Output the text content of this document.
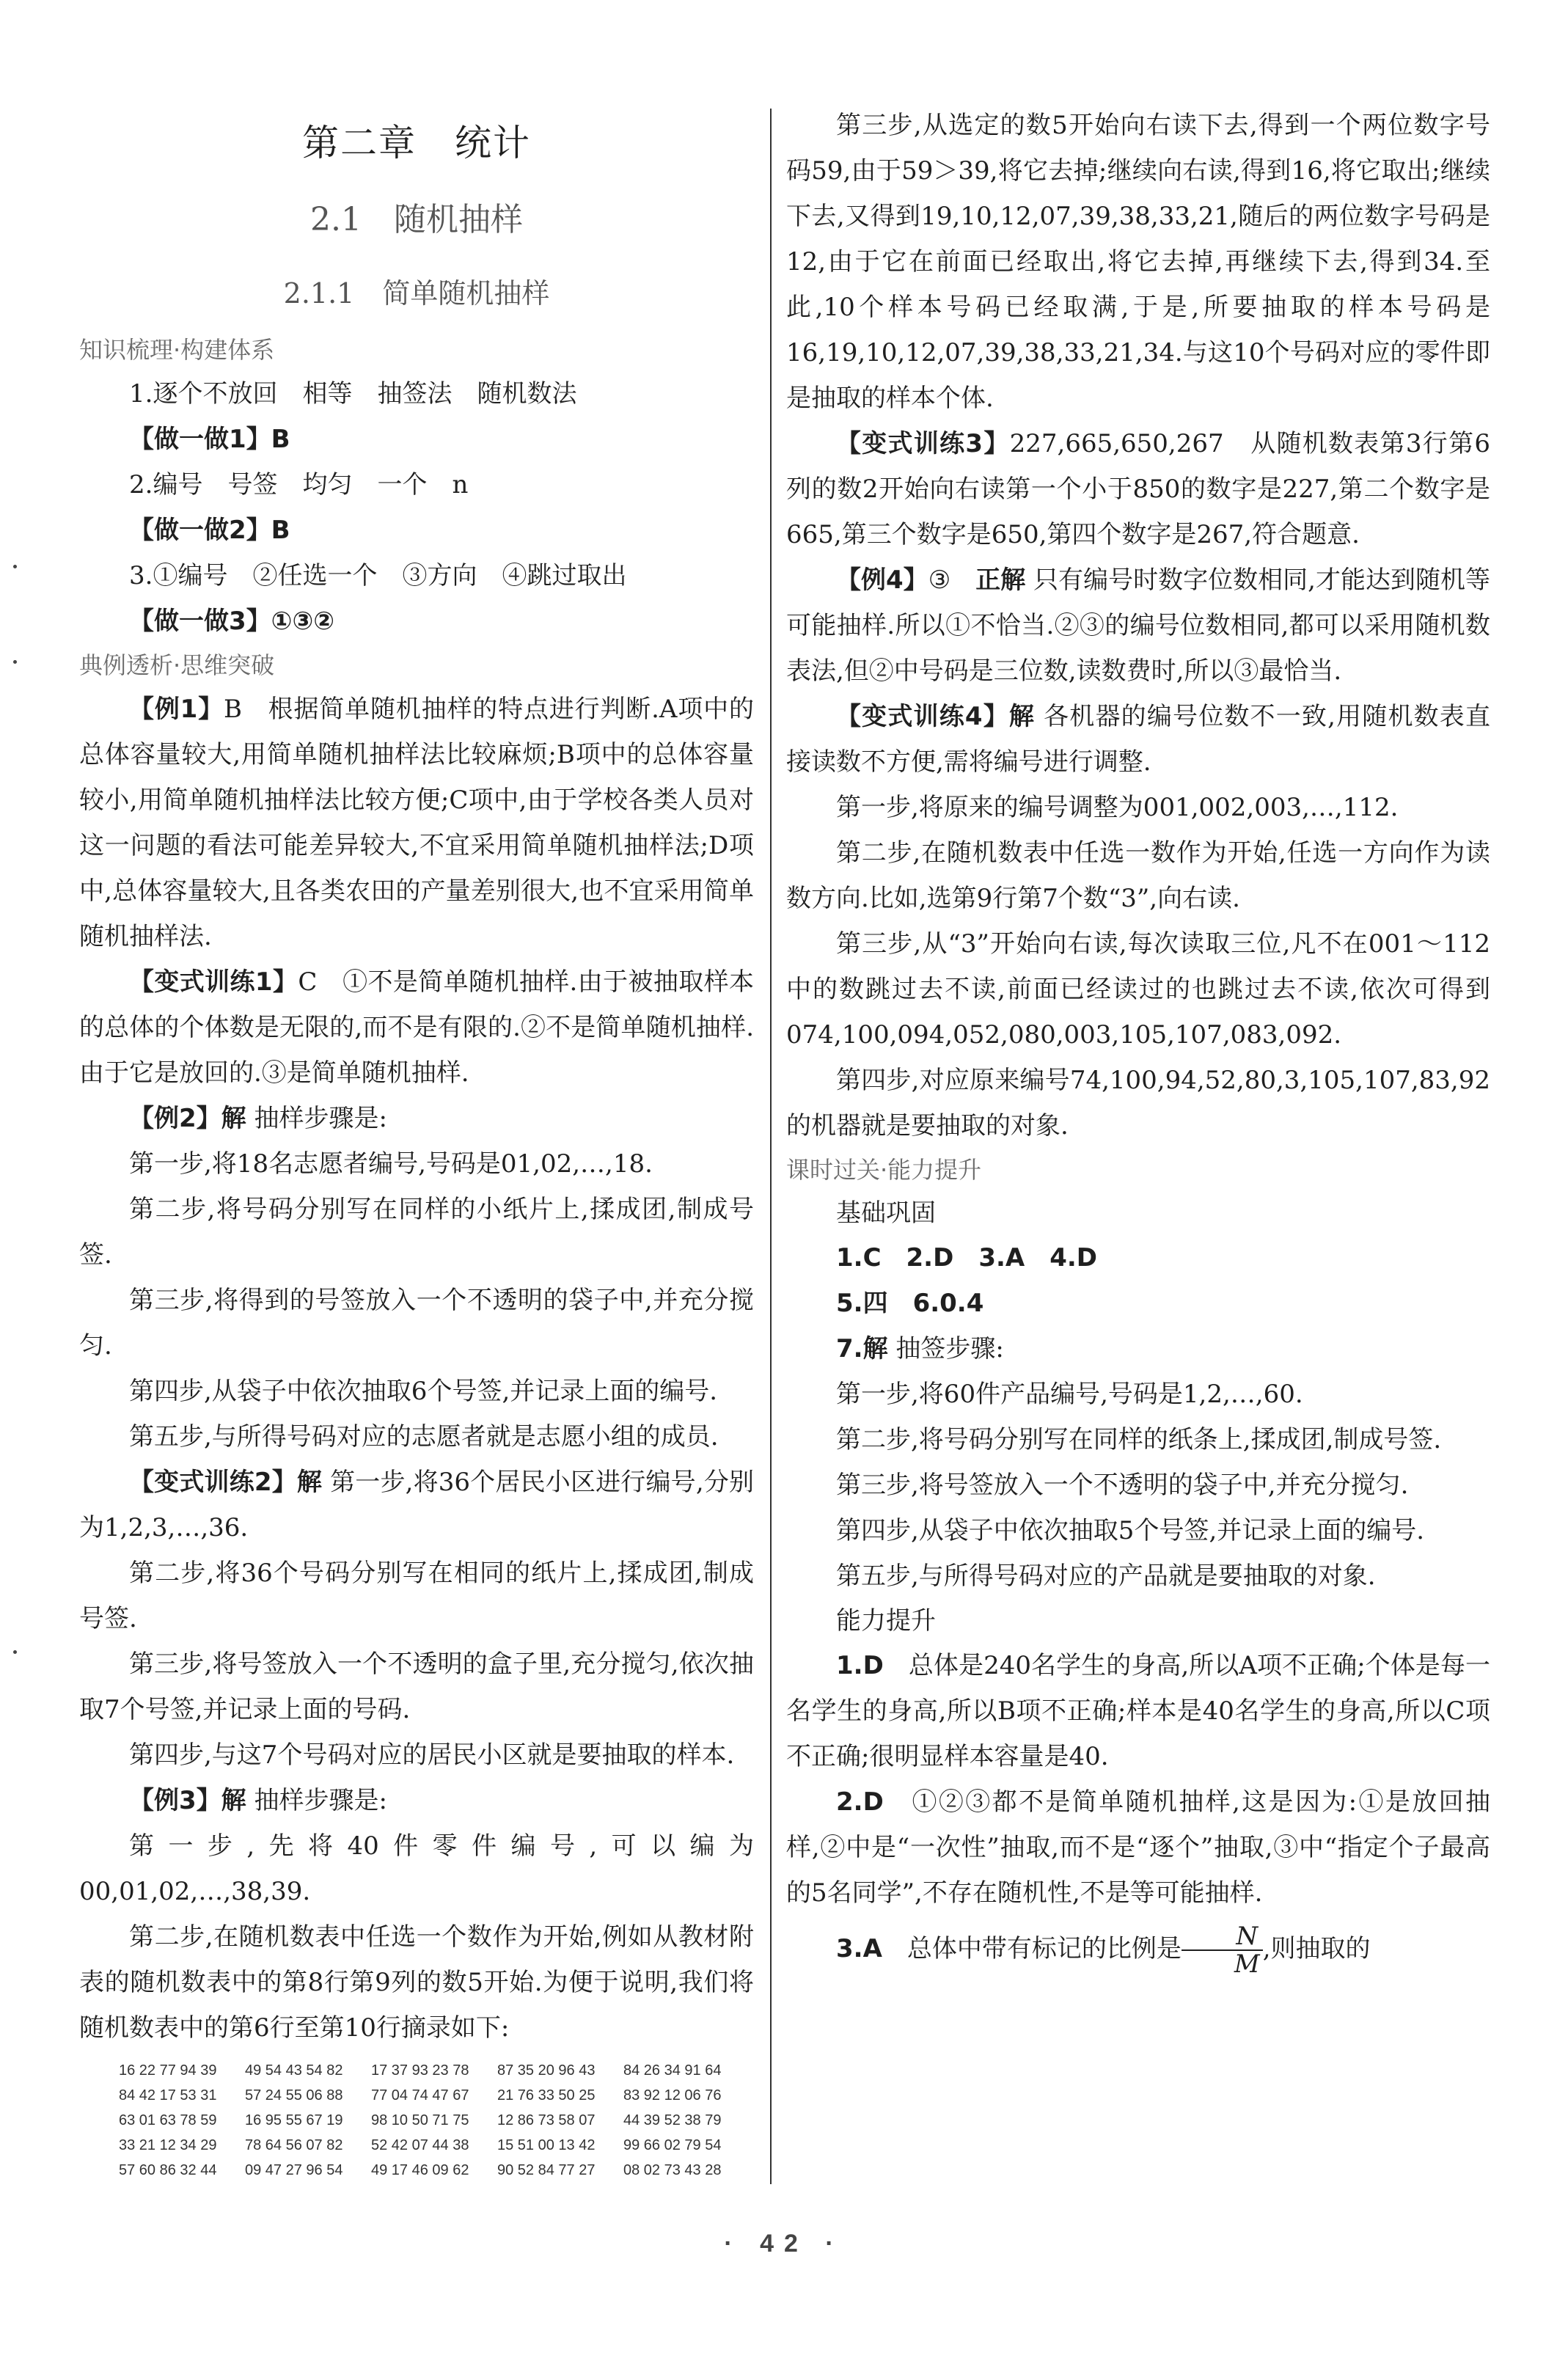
第二章　统计
2.1　随机抽样
2.1.1　简单随机抽样

知识梳理·构建体系

1.逐个不放回　相等　抽签法　随机数法

【做一做1】B

2.编号　号签　均匀　一个　n

【做一做2】B

3.①编号　②任选一个　③方向　④跳过取出

【做一做3】①③②

典例透析·思维突破

【例1】B　根据简单随机抽样的特点进行判断.A项中的总体容量较大,用简单随机抽样法比较麻烦;B项中的总体容量较小,用简单随机抽样法比较方便;C项中,由于学校各类人员对这一问题的看法可能差异较大,不宜采用简单随机抽样法;D项中,总体容量较大,且各类农田的产量差别很大,也不宜采用简单随机抽样法.

【变式训练1】C　①不是简单随机抽样.由于被抽取样本的总体的个体数是无限的,而不是有限的.②不是简单随机抽样.由于它是放回的.③是简单随机抽样.

【例2】解 抽样步骤是:

第一步,将18名志愿者编号,号码是01,02,…,18.

第二步,将号码分别写在同样的小纸片上,揉成团,制成号签.

第三步,将得到的号签放入一个不透明的袋子中,并充分搅匀.

第四步,从袋子中依次抽取6个号签,并记录上面的编号.

第五步,与所得号码对应的志愿者就是志愿小组的成员.

【变式训练2】解 第一步,将36个居民小区进行编号,分别为1,2,3,…,36.

第二步,将36个号码分别写在相同的纸片上,揉成团,制成号签.

第三步,将号签放入一个不透明的盒子里,充分搅匀,依次抽取7个号签,并记录上面的号码.

第四步,与这7个号码对应的居民小区就是要抽取的样本.

【例3】解 抽样步骤是:

第一步,先将40件零件编号,可以编为00,01,02,…,38,39.

第二步,在随机数表中任选一个数作为开始,例如从教材附表的随机数表中的第8行第9列的数5开始.为便于说明,我们将随机数表中的第6行至第10行摘录如下:

16 22 77 94 39	49 54 43 54 82	17 37 93 23 78	87 35 20 96 43	84 26 34 91 64
84 42 17 53 31	57 24 55 06 88	77 04 74 47 67	21 76 33 50 25	83 92 12 06 76
63 01 63 78 59	16 95 55 67 19	98 10 50 71 75	12 86 73 58 07	44 39 52 38 79
33 21 12 34 29	78 64 56 07 82	52 42 07 44 38	15 51 00 13 42	99 66 02 79 54
57 60 86 32 44	09 47 27 96 54	49 17 46 09 62	90 52 84 77 27	08 02 73 43 28

第三步,从选定的数5开始向右读下去,得到一个两位数字号码59,由于59＞39,将它去掉;继续向右读,得到16,将它取出;继续下去,又得到19,10,12,07,39,38,33,21,随后的两位数字号码是12,由于它在前面已经取出,将它去掉,再继续下去,得到34.至此,10个样本号码已经取满,于是,所要抽取的样本号码是16,19,10,12,07,39,38,33,21,34.与这10个号码对应的零件即是抽取的样本个体.

【变式训练3】227,665,650,267　从随机数表第3行第6列的数2开始向右读第一个小于850的数字是227,第二个数字是665,第三个数字是650,第四个数字是267,符合题意.

【例4】③　正解 只有编号时数字位数相同,才能达到随机等可能抽样.所以①不恰当.②③的编号位数相同,都可以采用随机数表法,但②中号码是三位数,读数费时,所以③最恰当.

【变式训练4】解 各机器的编号位数不一致,用随机数表直接读数不方便,需将编号进行调整.

第一步,将原来的编号调整为001,002,003,…,112.

第二步,在随机数表中任选一数作为开始,任选一方向作为读数方向.比如,选第9行第7个数“3”,向右读.

第三步,从“3”开始向右读,每次读取三位,凡不在001～112中的数跳过去不读,前面已经读过的也跳过去不读,依次可得到074,100,094,052,080,003,105,107,083,092.

第四步,对应原来编号74,100,94,52,80,3,105,107,83,92的机器就是要抽取的对象.

课时过关·能力提升

基础巩固

1.C　2.D　3.A　4.D

5.四　6.0.4

7.解 抽签步骤:

第一步,将60件产品编号,号码是1,2,…,60.

第二步,将号码分别写在同样的纸条上,揉成团,制成号签.

第三步,将号签放入一个不透明的袋子中,并充分搅匀.

第四步,从袋子中依次抽取5个号签,并记录上面的编号.

第五步,与所得号码对应的产品就是要抽取的对象.

能力提升

1.D　 总体是240名学生的身高,所以A项不正确;个体是每一名学生的身高,所以B项不正确;样本是40名学生的身高,所以C项不正确;很明显样本容量是40.

2.D　 ①②③都不是简单随机抽样,这是因为:①是放回抽样,②中是“一次性”抽取,而不是“逐个”抽取,③中“指定个子最高的5名同学”,不存在随机性,不是等可能抽样.

3.A　 总体中带有标记的比例是 $\frac{N}{M}$ ,则抽取的

· 42 ·
